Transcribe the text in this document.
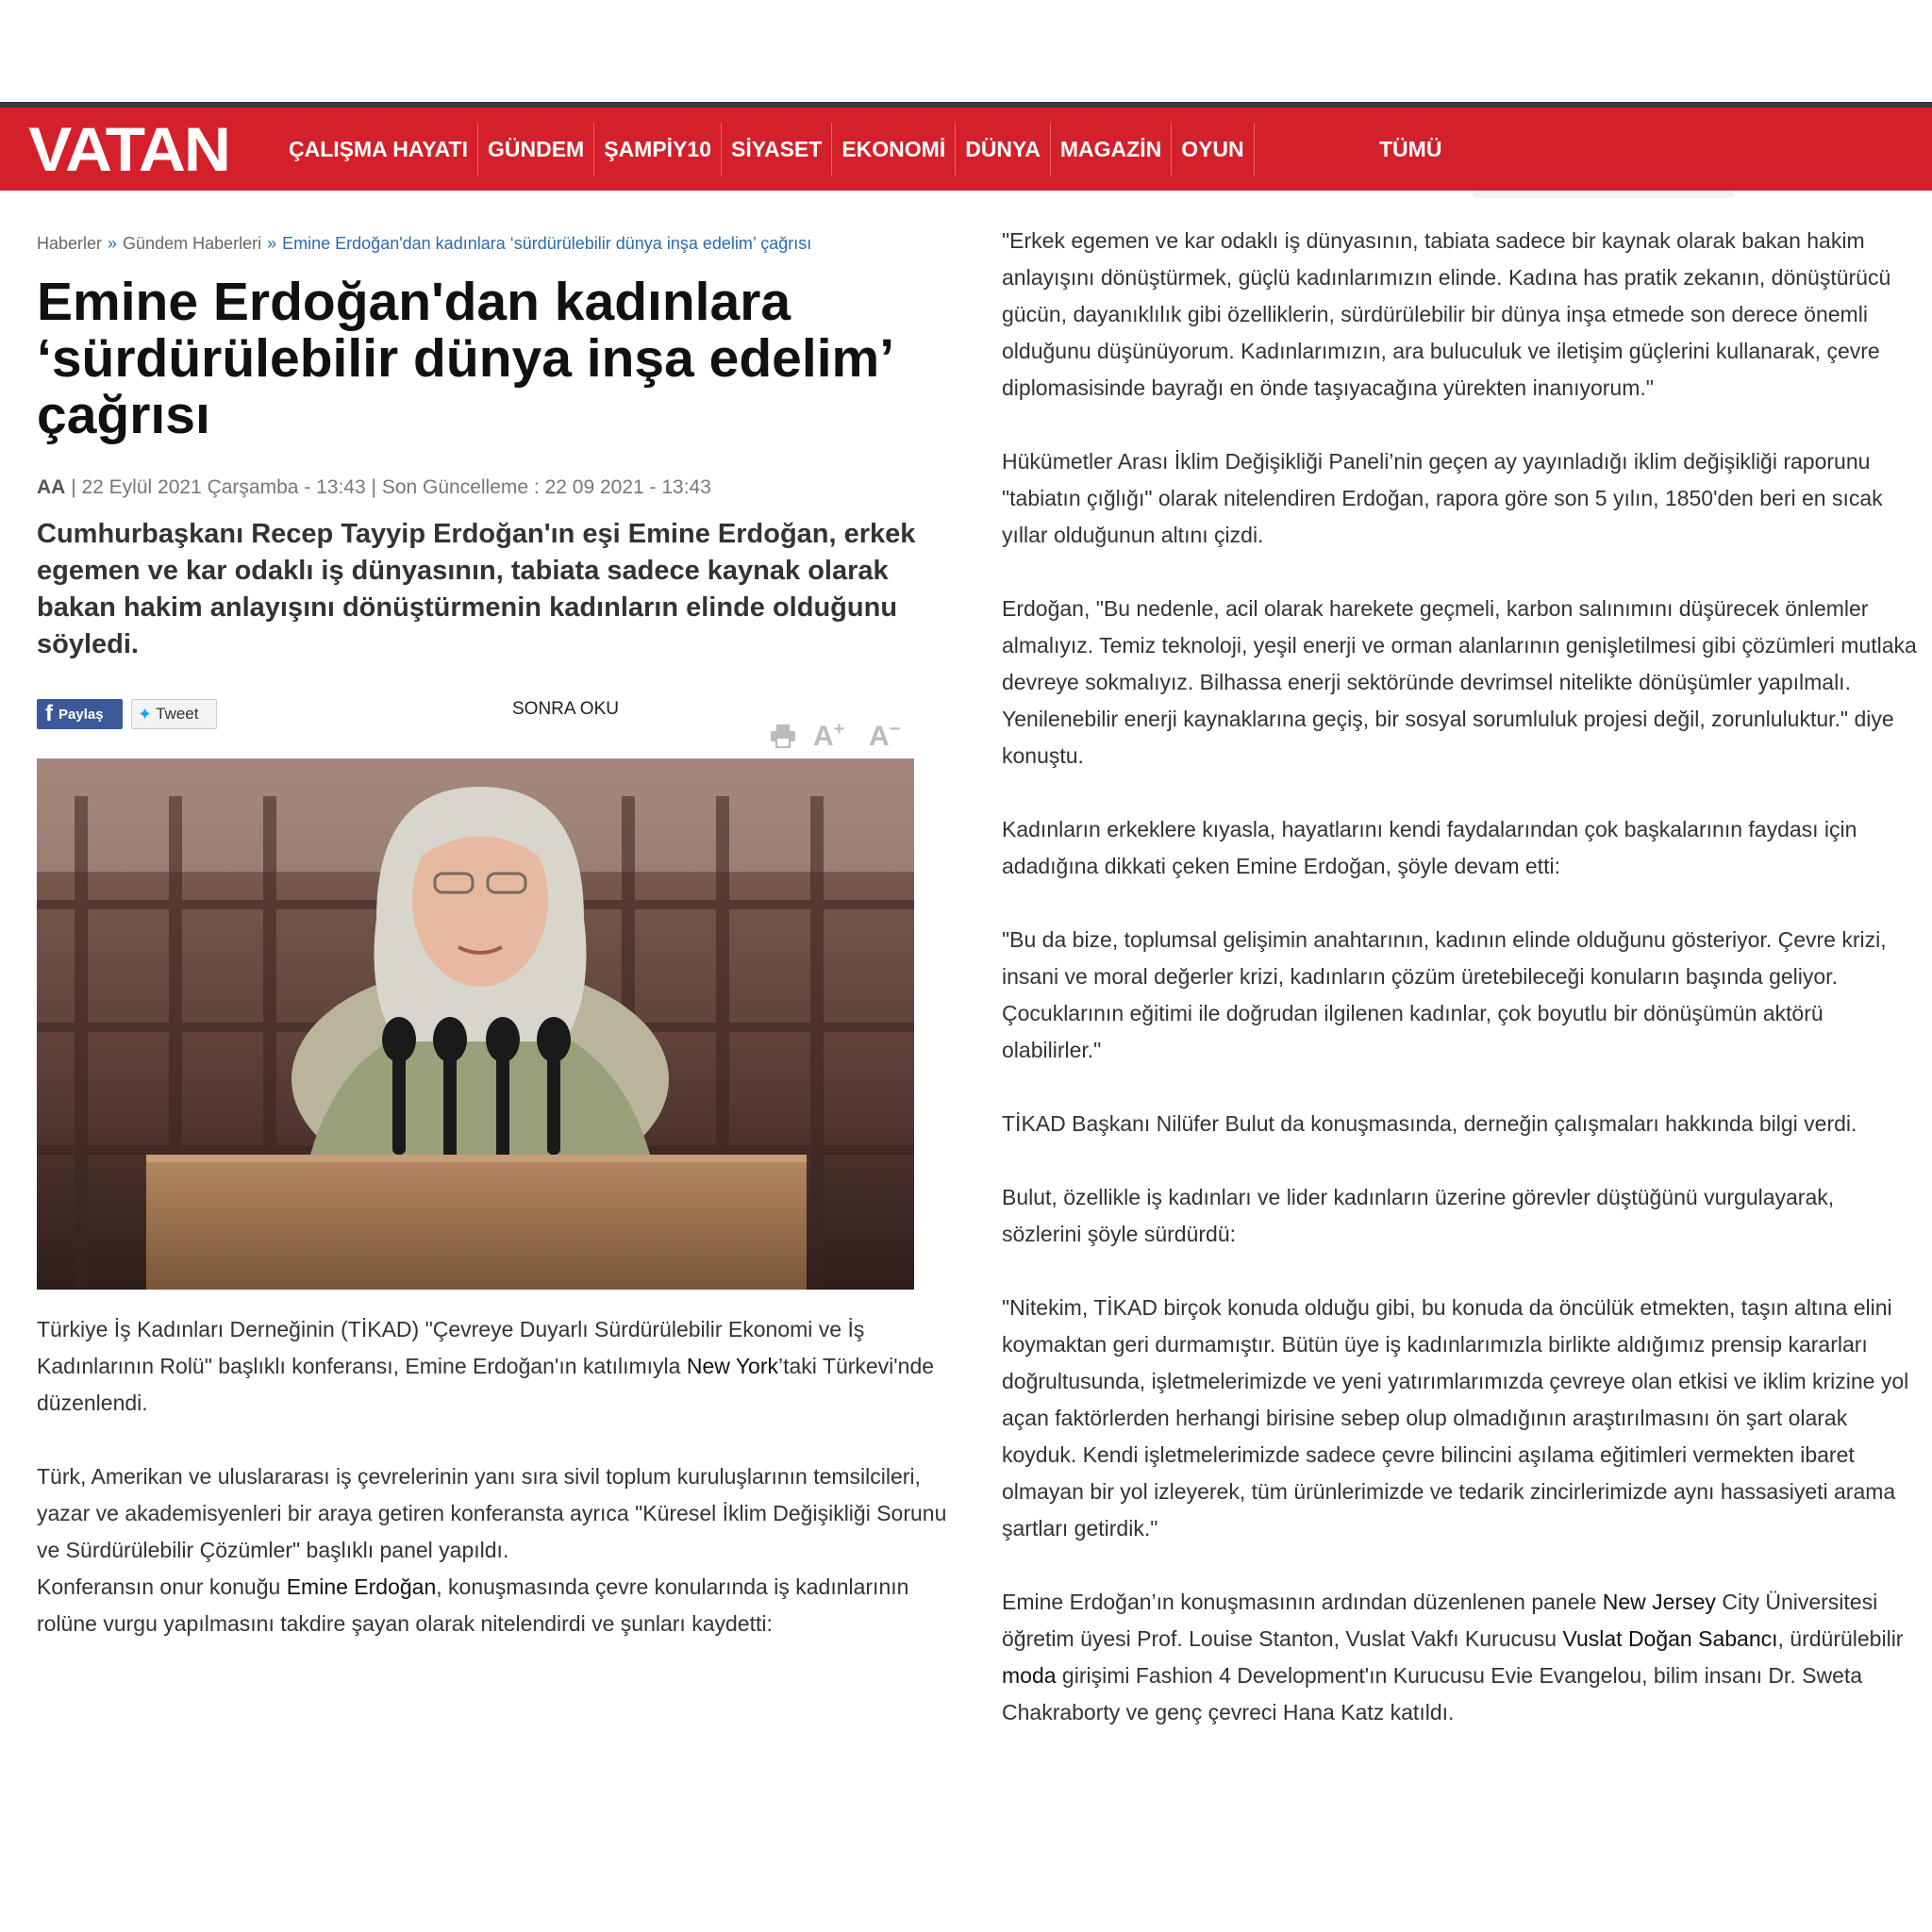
VATAN	ÇALIŞMA HAYATI GÜNDEM ŞAMPİY10 SİYASET EKONOMİ DÜNYA MAGAZİN OYUN	TÜMÜ
Haberler » Gündem Haberleri » Emine Erdoğan'dan kadınlara ‘sürdürülebilir dünya inşa edelim’ çağrısı
Emine Erdoğan'dan kadınlara ‘sürdürülebilir dünya inşa edelim’ çağrısı
AA | 22 Eylül 2021 Çarşamba - 13:43 | Son Güncelleme : 22 09 2021 - 13:43

Cumhurbaşkanı Recep Tayyip Erdoğan'ın eşi Emine Erdoğan, erkek egemen ve kar odaklı iş dünyasının, tabiata sadece kaynak olarak bakan hakim anlayışını dönüştürmenin kadınların elinde olduğunu söyledi.

f Paylaş ✦ Tweet	SONRA OKU
A+ A−

Türkiye İş Kadınları Derneğinin (TİKAD) "Çevreye Duyarlı Sürdürülebilir Ekonomi ve İş Kadınlarının Rolü" başlıklı konferansı, Emine Erdoğan'ın katılımıyla New York’taki Türkevi'nde düzenlendi.

Türk, Amerikan ve uluslararası iş çevrelerinin yanı sıra sivil toplum kuruluşlarının temsilcileri, yazar ve akademisyenleri bir araya getiren konferansta ayrıca "Küresel İklim Değişikliği Sorunu ve Sürdürülebilir Çözümler" başlıklı panel yapıldı.
Konferansın onur konuğu Emine Erdoğan, konuşmasında çevre konularında iş kadınlarının rolüne vurgu yapılmasını takdire şayan olarak nitelendirdi ve şunları kaydetti:

"Erkek egemen ve kar odaklı iş dünyasının, tabiata sadece bir kaynak olarak bakan hakim anlayışını dönüştürmek, güçlü kadınlarımızın elinde. Kadına has pratik zekanın, dönüştürücü gücün, dayanıklılık gibi özelliklerin, sürdürülebilir bir dünya inşa etmede son derece önemli olduğunu düşünüyorum. Kadınlarımızın, ara buluculuk ve iletişim güçlerini kullanarak, çevre diplomasisinde bayrağı en önde taşıyacağına yürekten inanıyorum."

Hükümetler Arası İklim Değişikliği Paneli’nin geçen ay yayınladığı iklim değişikliği raporunu "tabiatın çığlığı" olarak nitelendiren Erdoğan, rapora göre son 5 yılın, 1850'den beri en sıcak yıllar olduğunun altını çizdi.

Erdoğan, "Bu nedenle, acil olarak harekete geçmeli, karbon salınımını düşürecek önlemler almalıyız. Temiz teknoloji, yeşil enerji ve orman alanlarının genişletilmesi gibi çözümleri mutlaka devreye sokmalıyız. Bilhassa enerji sektöründe devrimsel nitelikte dönüşümler yapılmalı. Yenilenebilir enerji kaynaklarına geçiş, bir sosyal sorumluluk projesi değil, zorunluluktur." diye konuştu.

Kadınların erkeklere kıyasla, hayatlarını kendi faydalarından çok başkalarının faydası için adadığına dikkati çeken Emine Erdoğan, şöyle devam etti:

"Bu da bize, toplumsal gelişimin anahtarının, kadının elinde olduğunu gösteriyor. Çevre krizi, insani ve moral değerler krizi, kadınların çözüm üretebileceği konuların başında geliyor. Çocuklarının eğitimi ile doğrudan ilgilenen kadınlar, çok boyutlu bir dönüşümün aktörü olabilirler."

TİKAD Başkanı Nilüfer Bulut da konuşmasında, derneğin çalışmaları hakkında bilgi verdi.

Bulut, özellikle iş kadınları ve lider kadınların üzerine görevler düştüğünü vurgulayarak, sözlerini şöyle sürdürdü:

"Nitekim, TİKAD birçok konuda olduğu gibi, bu konuda da öncülük etmekten, taşın altına elini koymaktan geri durmamıştır. Bütün üye iş kadınlarımızla birlikte aldığımız prensip kararları doğrultusunda, işletmelerimizde ve yeni yatırımlarımızda çevreye olan etkisi ve iklim krizine yol açan faktörlerden herhangi birisine sebep olup olmadığının araştırılmasını ön şart olarak koyduk. Kendi işletmelerimizde sadece çevre bilincini aşılama eğitimleri vermekten ibaret olmayan bir yol izleyerek, tüm ürünlerimizde ve tedarik zincirlerimizde aynı hassasiyeti arama şartları getirdik."

Emine Erdoğan’ın konuşmasının ardından düzenlenen panele New Jersey City Üniversitesi öğretim üyesi Prof. Louise Stanton, Vuslat Vakfı Kurucusu Vuslat Doğan Sabancı, ürdürülebilir moda girişimi Fashion 4 Development'ın Kurucusu Evie Evangelou, bilim insanı Dr. Sweta Chakraborty ve genç çevreci Hana Katz katıldı.
